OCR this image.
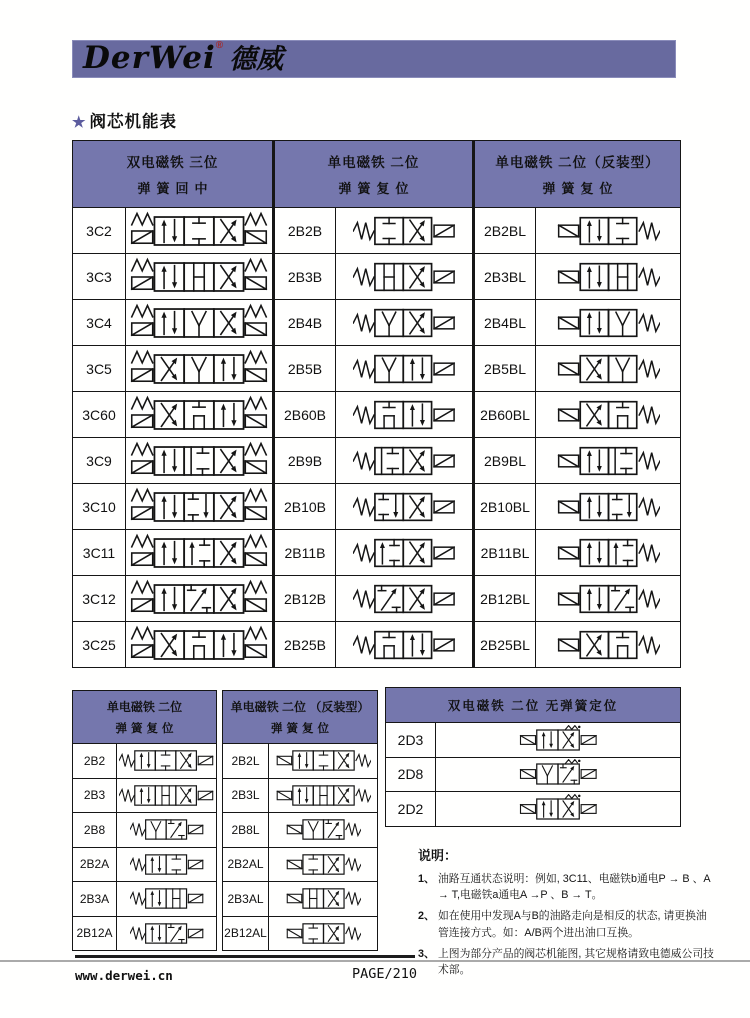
DerWei® 德威
★ 阀芯机能表
双电磁铁 三位
弹簧回中

单电磁铁 二位
弹簧复位

单电磁铁 二位（反装型）
弹簧复位

3C2		2B2B		2B2BL	

3C3		2B3B		2B3BL	

3C4		2B4B		2B4BL	

3C5		2B5B		2B5BL	

3C60		2B60B		2B60BL	

3C9		2B9B		2B9BL	

3C10		2B10B		2B10BL	

3C11		2B11B		2B11BL	

3C12		2B12B		2B12BL	

3C25		2B25B		2B25BL	
单电磁铁 二位
弹簧复位	

2B2	

2B3	

2B8	

2B2A	

2B3A	

2B12A	
单电磁铁 二位 （反装型）
弹簧复位	

2B2L	

2B3L	

2B8L	

2B2AL	

2B3AL	

2B12AL	
双电磁铁 二位 无弹簧定位	
2D3	

2D8	

2D2	
说明：
1、 油路互通状态说明：例如, 3C11、电磁铁b通电P → B 、A → T,电磁铁a通电A →P 、B → T。
2、 如在使用中发现A与B的油路走向是相反的状态, 请更换油管连接方式。如：A/B两个进出油口互换。
3、 上图为部分产品的阀芯机能图, 其它规格请致电德威公司技术部。
www.derwei.cn	PAGE/210
